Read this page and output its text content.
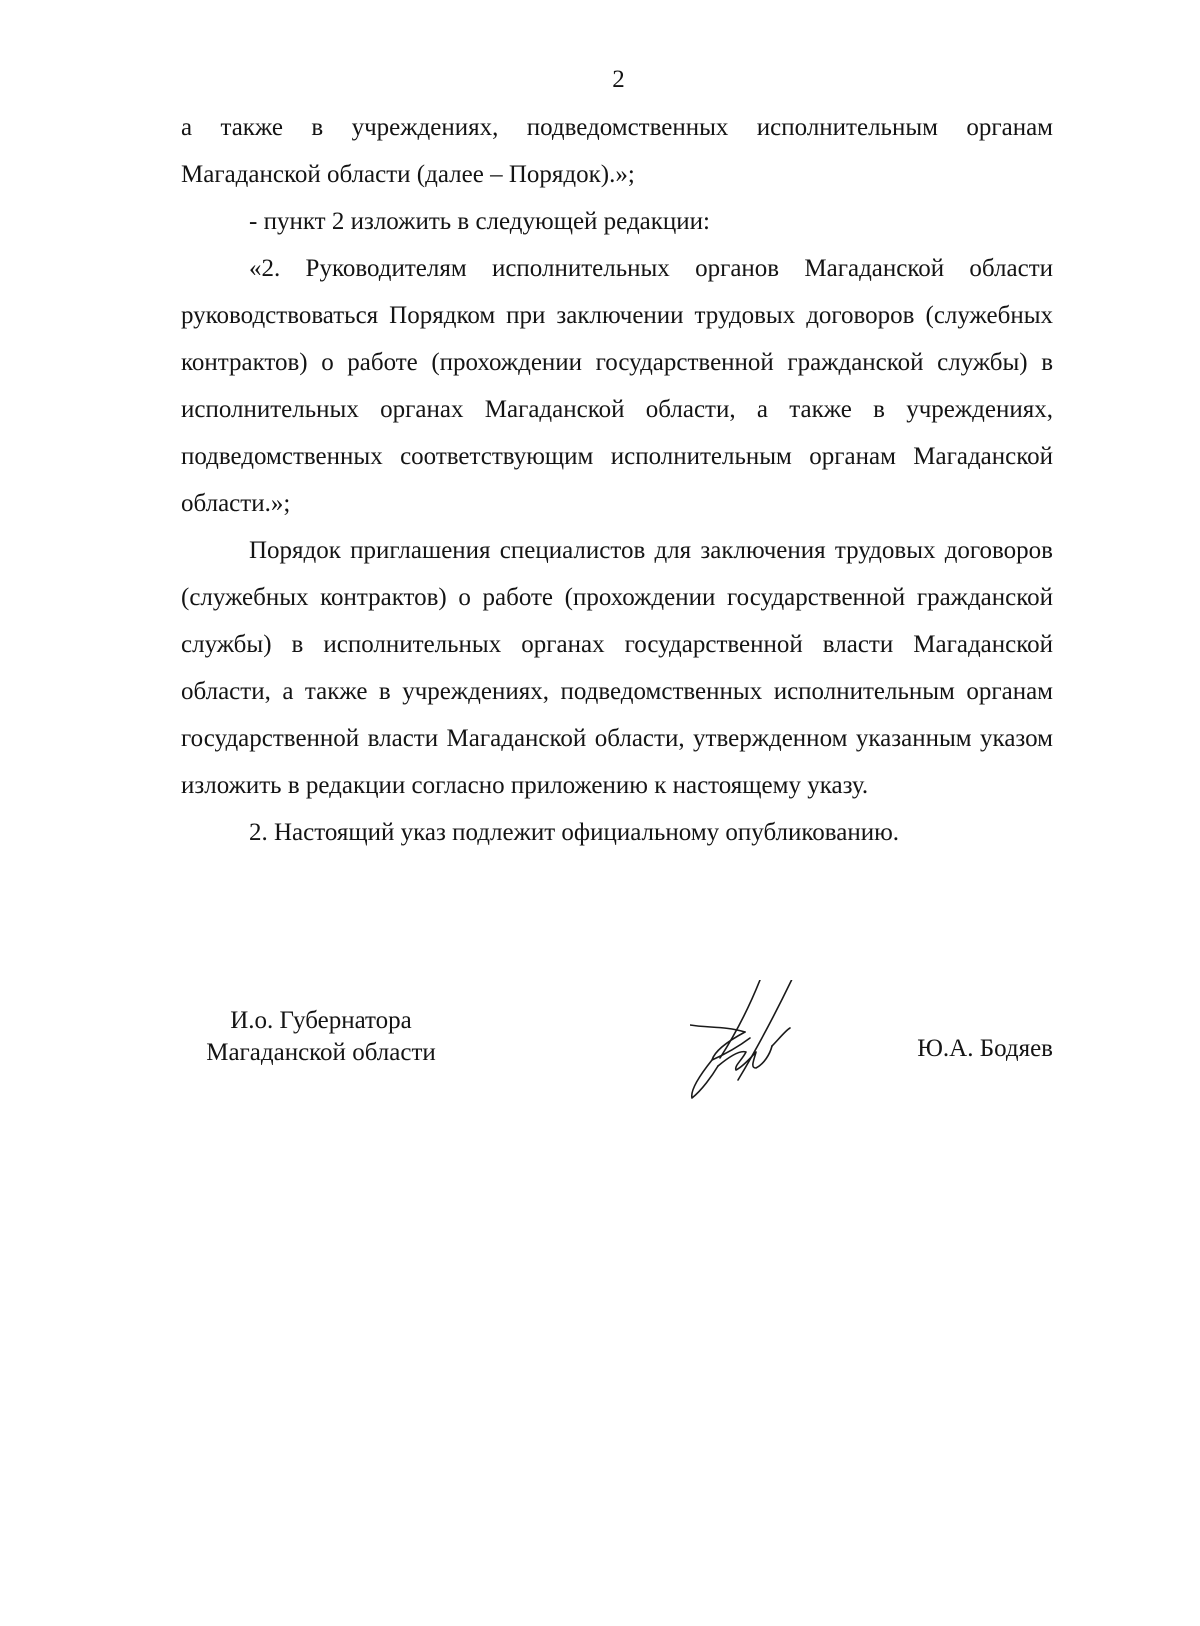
2

а также в учреждениях, подведомственных исполнительным органам Магаданской области (далее – Порядок).»;

- пункт 2 изложить в следующей редакции:

«2. Руководителям исполнительных органов Магаданской области руководствоваться Порядком при заключении трудовых договоров (служебных контрактов) о работе (прохождении государственной гражданской службы) в исполнительных органах Магаданской области, а также в учреждениях, подведомственных соответствующим исполнительным органам Магаданской области.»;

Порядок приглашения специалистов для заключения трудовых договоров (служебных контрактов) о работе (прохождении государственной гражданской службы) в исполнительных органах государственной власти Магаданской области, а также в учреждениях, подведомственных исполнительным органам государственной власти Магаданской области, утвержденном указанным указом изложить в редакции согласно приложению к настоящему указу.

2. Настоящий указ подлежит официальному опубликованию.

И.о. Губернатора
Магаданской области	Ю.А. Бодяев
